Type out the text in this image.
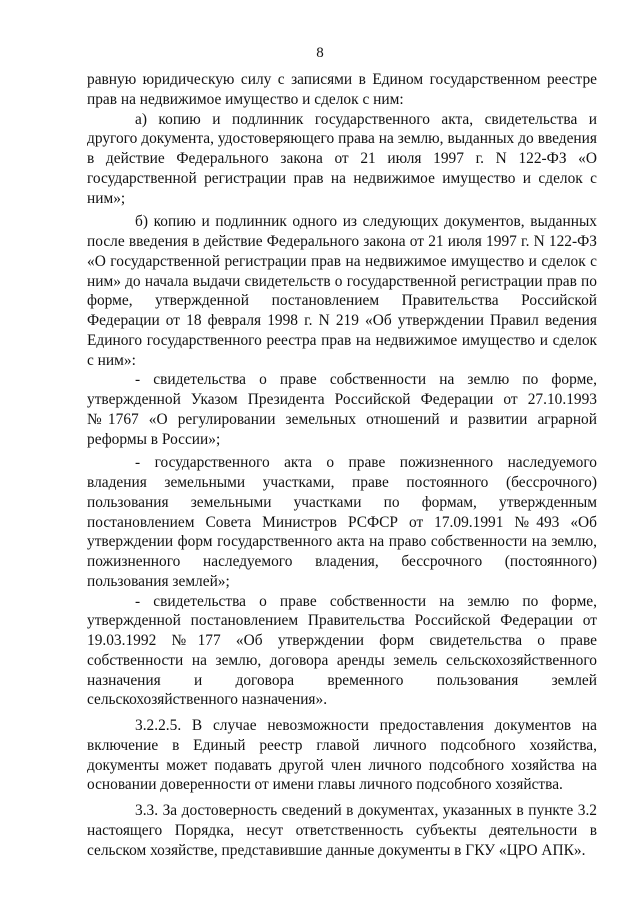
8

равную юридическую силу с записями в Едином государственном реестре прав на недвижимое имущество и сделок с ним:

а) копию и подлинник государственного акта, свидетельства и другого документа, удостоверяющего права на землю, выданных до введения в действие Федерального закона от 21 июля 1997 г. N 122-ФЗ «О государственной регистрации прав на недвижимое имущество и сделок с ним»;

б) копию и подлинник одного из следующих документов, выданных после введения в действие Федерального закона от 21 июля 1997 г. N 122-ФЗ «О государственной регистрации прав на недвижимое имущество и сделок с ним» до начала выдачи свидетельств о государственной регистрации прав по форме, утвержденной постановлением Правительства Российской Федерации от 18 февраля 1998 г. N 219 «Об утверждении Правил ведения Единого государственного реестра прав на недвижимое имущество и сделок с ним»:

- свидетельства о праве собственности на землю по форме, утвержденной Указом Президента Российской Федерации от 27.10.1993 №1767 «О регулировании земельных отношений и развитии аграрной реформы в России»;

- государственного акта о праве пожизненного наследуемого владения земельными участками, праве постоянного (бессрочного) пользования земельными участками по формам, утвержденным постановлением Совета Министров РСФСР от 17.09.1991 №493 «Об утверждении форм государственного акта на право собственности на землю, пожизненного наследуемого владения, бессрочного (постоянного) пользования землей»;

- свидетельства о праве собственности на землю по форме, утвержденной постановлением Правительства Российской Федерации от 19.03.1992 №177 «Об утверждении форм свидетельства о праве собственности на землю, договора аренды земель сельскохозяйственного назначения и договора временного пользования землей сельскохозяйственного назначения».

3.2.2.5. В случае невозможности предоставления документов на включение в Единый реестр главой личного подсобного хозяйства, документы может подавать другой член личного подсобного хозяйства на основании доверенности от имени главы личного подсобного хозяйства.

3.3. За достоверность сведений в документах, указанных в пункте 3.2 настоящего Порядка, несут ответственность субъекты деятельности в сельском хозяйстве, представившие данные документы в ГКУ «ЦРО АПК».
